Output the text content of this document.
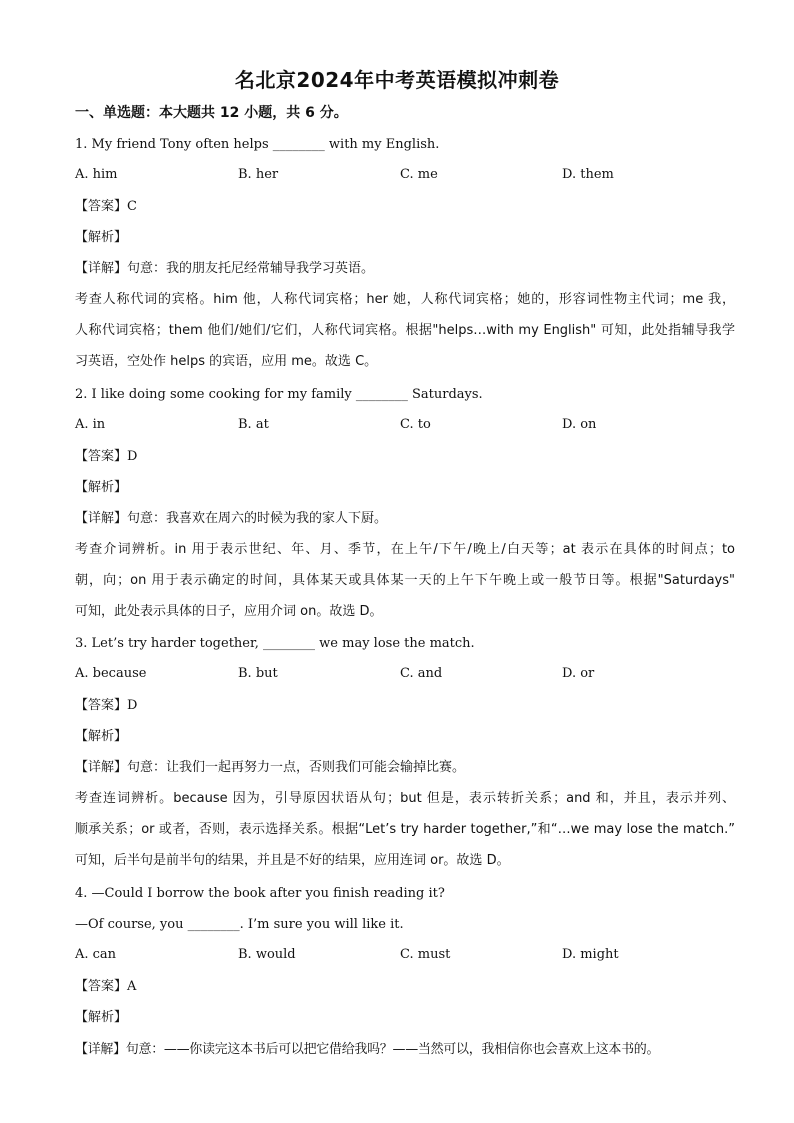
名北京2024年中考英语模拟冲刺卷
一、单选题：本大题共 12 小题，共 6 分。
1. My friend Tony often helps ________ with my English.
A. him	B. her	C. me	D. them
【答案】C
【解析】
【详解】句意：我的朋友托尼经常辅导我学习英语。
考查人称代词的宾格。him 他，人称代词宾格；her 她，人称代词宾格；她的，形容词性物主代词；me 我，
人称代词宾格；them 他们/她们/它们，人称代词宾格。根据"helps…with my English" 可知，此处指辅导我学
习英语，空处作 helps 的宾语，应用 me。故选 C。
2. I like doing some cooking for my family ________ Saturdays.
A. in	B. at	C. to	D. on
【答案】D
【解析】
【详解】句意：我喜欢在周六的时候为我的家人下厨。
考查介词辨析。in 用于表示世纪、年、月、季节，在上午/下午/晚上/白天等；at 表示在具体的时间点；to
朝，向；on 用于表示确定的时间，具体某天或具体某一天的上午下午晚上或一般节日等。根据"Saturdays"
可知，此处表示具体的日子，应用介词 on。故选 D。
3. Let’s try harder together, ________ we may lose the match.
A. because	B. but	C. and	D. or
【答案】D
【解析】
【详解】句意：让我们一起再努力一点，否则我们可能会输掉比赛。
考查连词辨析。because 因为，引导原因状语从句；but 但是，表示转折关系；and 和，并且，表示并列、
顺承关系；or 或者，否则，表示选择关系。根据“Let’s try harder together,”和“…we may lose the match.”
可知，后半句是前半句的结果，并且是不好的结果，应用连词 or。故选 D。
4. —Could I borrow the book after you finish reading it?
—Of course, you ________. I’m sure you will like it.
A. can	B. would	C. must	D. might
【答案】A
【解析】
【详解】句意：——你读完这本书后可以把它借给我吗？——当然可以，我相信你也会喜欢上这本书的。
